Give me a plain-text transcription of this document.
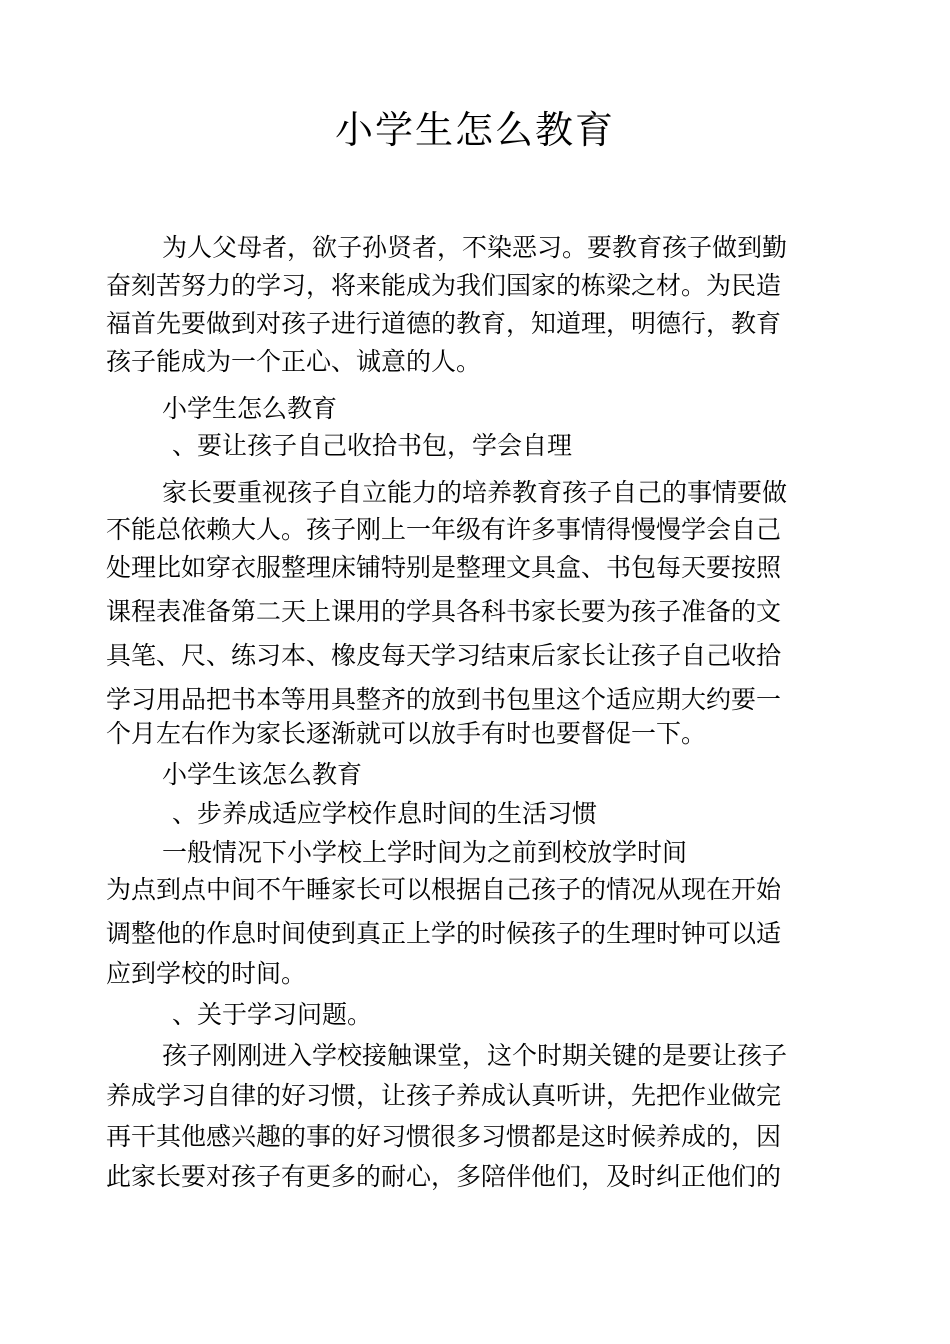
小学生怎么教育
为人父母者，欲子孙贤者，不染恶习。要教育孩子做到勤
奋刻苦努力的学习，将来能成为我们国家的栋梁之材。为民造
福首先要做到对孩子进行道德的教育，知道理，明德行，教育
孩子能成为一个正心、诚意的人。
小学生怎么教育
、要让孩子自己收拾书包，学会自理
家长要重视孩子自立能力的培养教育孩子自己的事情要做
不能总依赖大人。孩子刚上一年级有许多事情得慢慢学会自己
处理比如穿衣服整理床铺特别是整理文具盒、书包每天要按照
课程表准备第二天上课用的学具各科书家长要为孩子准备的文
具笔、尺、练习本、橡皮每天学习结束后家长让孩子自己收拾
学习用品把书本等用具整齐的放到书包里这个适应期大约要一
个月左右作为家长逐渐就可以放手有时也要督促一下。
小学生该怎么教育
、步养成适应学校作息时间的生活习惯
一般情况下小学校上学时间为之前到校放学时间
为点到点中间不午睡家长可以根据自己孩子的情况从现在开始
调整他的作息时间使到真正上学的时候孩子的生理时钟可以适
应到学校的时间。
、关于学习问题。
孩子刚刚进入学校接触课堂，这个时期关键的是要让孩子
养成学习自律的好习惯，让孩子养成认真听讲，先把作业做完
再干其他感兴趣的事的好习惯很多习惯都是这时候养成的，因
此家长要对孩子有更多的耐心，多陪伴他们，及时纠正他们的
